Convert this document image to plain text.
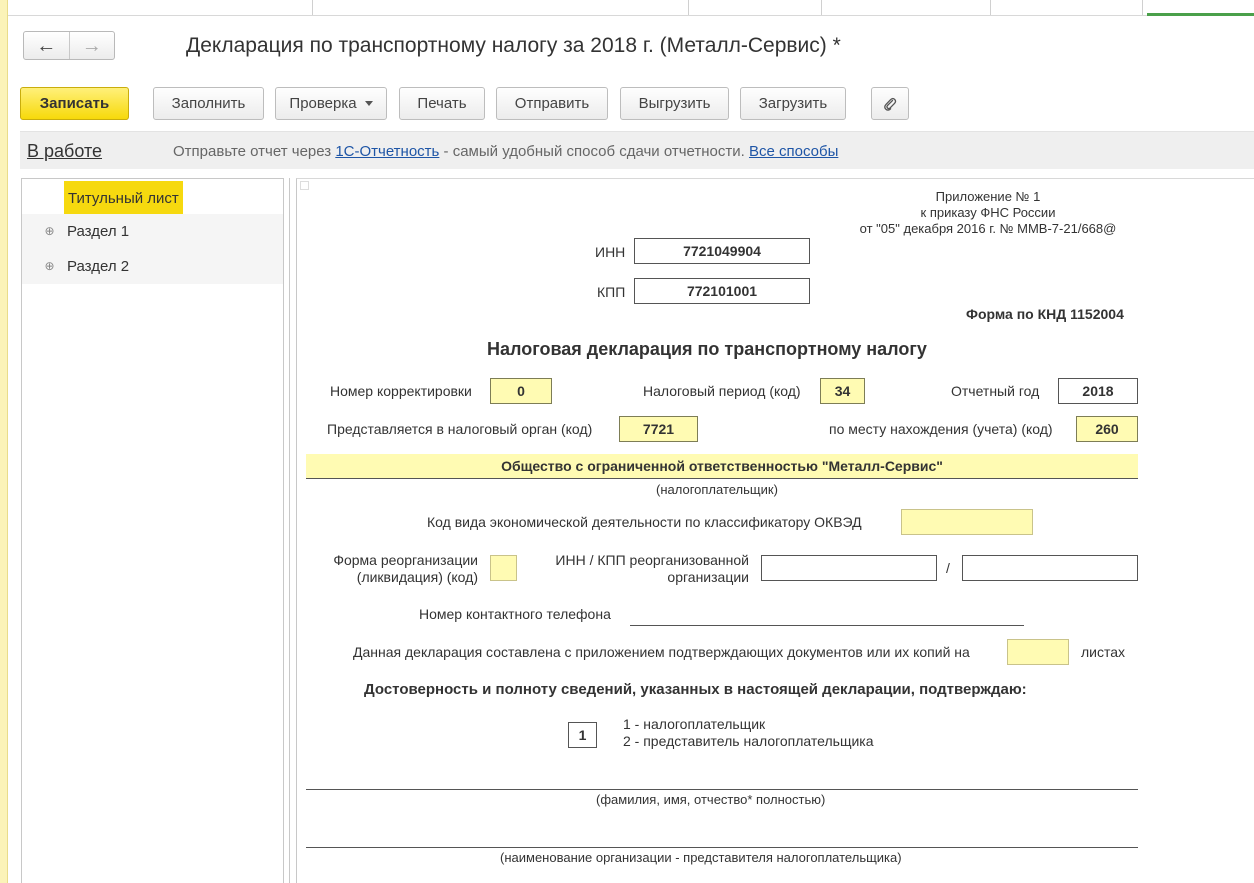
← →	Декларация по транспортному налогу за 2018 г. (Металл-Сервис) *
Записать	Заполнить	Проверка	Печать	Отправить	Выгрузить	Загрузить
В работе	Отправьте отчет через 1С-Отчетность - самый удобный способ сдачи отчетности. Все способы
Титульный лист
⊕ Раздел 1
⊕ Раздел 2
Приложение № 1
к приказу ФНС России
от "05" декабря 2016 г. № ММВ-7-21/668@
ИНН	7721049904
КПП	772101001
Форма по КНД 1152004
Налоговая декларация по транспортному налогу
Номер корректировки	0	Налоговый период (код)	34	Отчетный год	2018
Представляется в налоговый орган (код)	7721	по месту нахождения (учета) (код)	260
Общество с ограниченной ответственностью "Металл-Сервис"
(налогоплательщик)
Код вида экономической деятельности по классификатору ОКВЭД
Форма реорганизации
(ликвидация) (код)
ИНН / КПП реорганизованной
организации
/
Номер контактного телефона
Данная декларация составлена с приложением подтверждающих документов или их копий на	листах
Достоверность и полноту сведений, указанных в настоящей декларации, подтверждаю:
1
1 - налогоплательщик
2 - представитель налогоплательщика
(фамилия, имя, отчество* полностью)
(наименование организации - представителя налогоплательщика)
